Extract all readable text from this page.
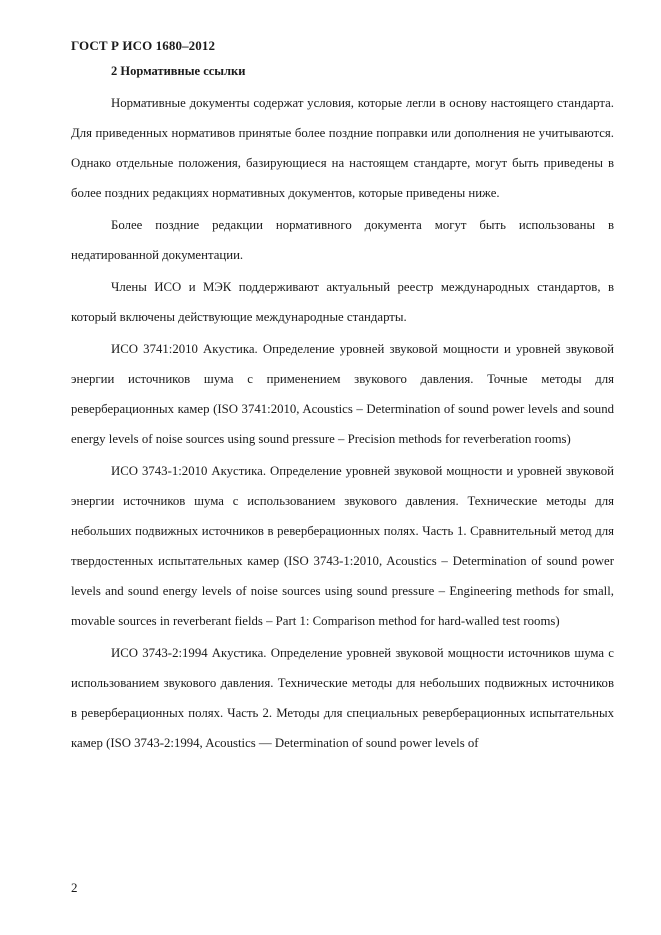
ГОСТ Р ИСО 1680–2012
2 Нормативные ссылки

Нормативные документы содержат условия, которые легли в основу настоящего стандарта. Для приведенных нормативов принятые более поздние поправки или дополнения не учитываются. Однако отдельные положения, базирующиеся на настоящем стандарте, могут быть приведены в более поздних редакциях нормативных документов, которые приведены ниже.

Более поздние редакции нормативного документа могут быть использованы в недатированной документации.

Члены ИСО и МЭК поддерживают актуальный реестр международных стандартов, в который включены действующие международные стандарты.

ИСО 3741:2010 Акустика. Определение уровней звуковой мощности и уровней звуковой энергии источников шума с применением звукового давления. Точные методы для реверберационных камер (ISO 3741:2010, Acoustics – Determination of sound power levels and sound energy levels of noise sources using sound pressure – Precision methods for reverberation rooms)

ИСО 3743-1:2010 Акустика. Определение уровней звуковой мощности и уровней звуковой энергии источников шума с использованием звукового давления. Технические методы для небольших подвижных источников в реверберационных полях. Часть 1. Сравнительный метод для твердостенных испытательных камер (ISO 3743-1:2010, Acoustics – Determination of sound power levels and sound energy levels of noise sources using sound pressure – Engineering methods for small, movable sources in reverberant fields – Part 1: Comparison method for hard-walled test rooms)

ИСО 3743-2:1994 Акустика. Определение уровней звуковой мощности источников шума с использованием звукового давления. Технические методы для небольших подвижных источников в реверберационных полях. Часть 2. Методы для специальных реверберационных испытательных камер (ISO 3743-2:1994, Acoustics — Determination of sound power levels of

2
